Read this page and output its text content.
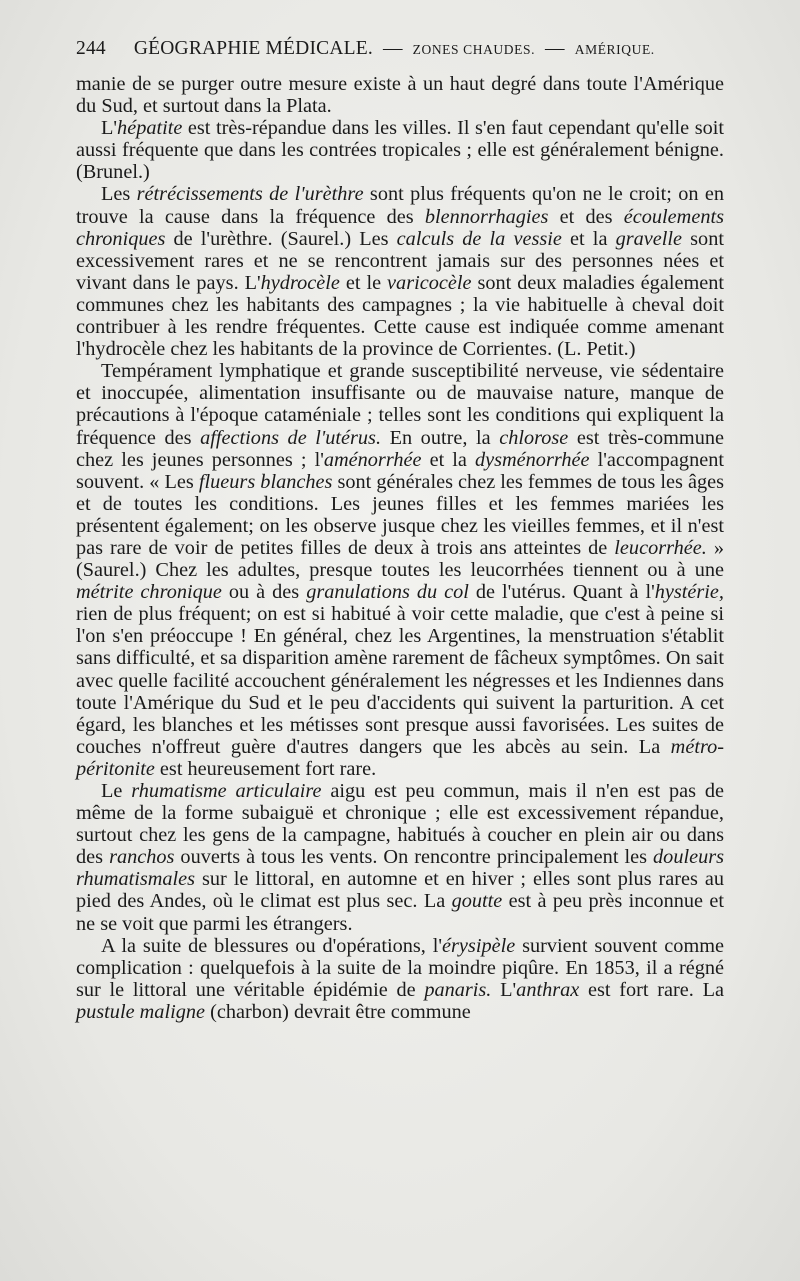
244 GÉOGRAPHIE MÉDICALE. — ZONES CHAUDES. — AMÉRIQUE.

manie de se purger outre mesure existe à un haut degré dans toute l'Amérique du Sud, et surtout dans la Plata.

L'hépatite est très-répandue dans les villes. Il s'en faut cependant qu'elle soit aussi fréquente que dans les contrées tropicales ; elle est généralement bénigne. (Brunel.)

Les rétrécissements de l'urèthre sont plus fréquents qu'on ne le croit; on en trouve la cause dans la fréquence des blennorrhagies et des écoulements chroniques de l'urèthre. (Saurel.) Les calculs de la vessie et la gravelle sont excessivement rares et ne se rencontrent jamais sur des personnes nées et vivant dans le pays. L'hydrocèle et le varicocèle sont deux maladies également communes chez les habitants des campagnes ; la vie habituelle à cheval doit contribuer à les rendre fréquentes. Cette cause est indiquée comme amenant l'hydrocèle chez les habitants de la province de Corrientes. (L. Petit.)

Tempérament lymphatique et grande susceptibilité nerveuse, vie sédentaire et inoccupée, alimentation insuffisante ou de mauvaise nature, manque de précautions à l'époque cataméniale ; telles sont les conditions qui expliquent la fréquence des affections de l'utérus. En outre, la chlorose est très-commune chez les jeunes personnes ; l'aménorrhée et la dysménorrhée l'accompagnent souvent. « Les flueurs blanches sont générales chez les femmes de tous les âges et de toutes les conditions. Les jeunes filles et les femmes mariées les présentent également; on les observe jusque chez les vieilles femmes, et il n'est pas rare de voir de petites filles de deux à trois ans atteintes de leucorrhée. » (Saurel.) Chez les adultes, presque toutes les leucorrhées tiennent ou à une métrite chronique ou à des granulations du col de l'utérus. Quant à l'hystérie, rien de plus fréquent; on est si habitué à voir cette maladie, que c'est à peine si l'on s'en préoccupe ! En général, chez les Argentines, la menstruation s'établit sans difficulté, et sa disparition amène rarement de fâcheux symptômes. On sait avec quelle facilité accouchent généralement les négresses et les Indiennes dans toute l'Amérique du Sud et le peu d'accidents qui suivent la parturition. A cet égard, les blanches et les métisses sont presque aussi favorisées. Les suites de couches n'offreut guère d'autres dangers que les abcès au sein. La métro-péritonite est heureusement fort rare.

Le rhumatisme articulaire aigu est peu commun, mais il n'en est pas de même de la forme subaiguë et chronique ; elle est excessivement répandue, surtout chez les gens de la campagne, habitués à coucher en plein air ou dans des ranchos ouverts à tous les vents. On rencontre principalement les douleurs rhumatismales sur le littoral, en automne et en hiver ; elles sont plus rares au pied des Andes, où le climat est plus sec. La goutte est à peu près inconnue et ne se voit que parmi les étrangers.

A la suite de blessures ou d'opérations, l'érysipèle survient souvent comme complication : quelquefois à la suite de la moindre piqûre. En 1853, il a régné sur le littoral une véritable épidémie de panaris. L'anthrax est fort rare. La pustule maligne (charbon) devrait être commune
